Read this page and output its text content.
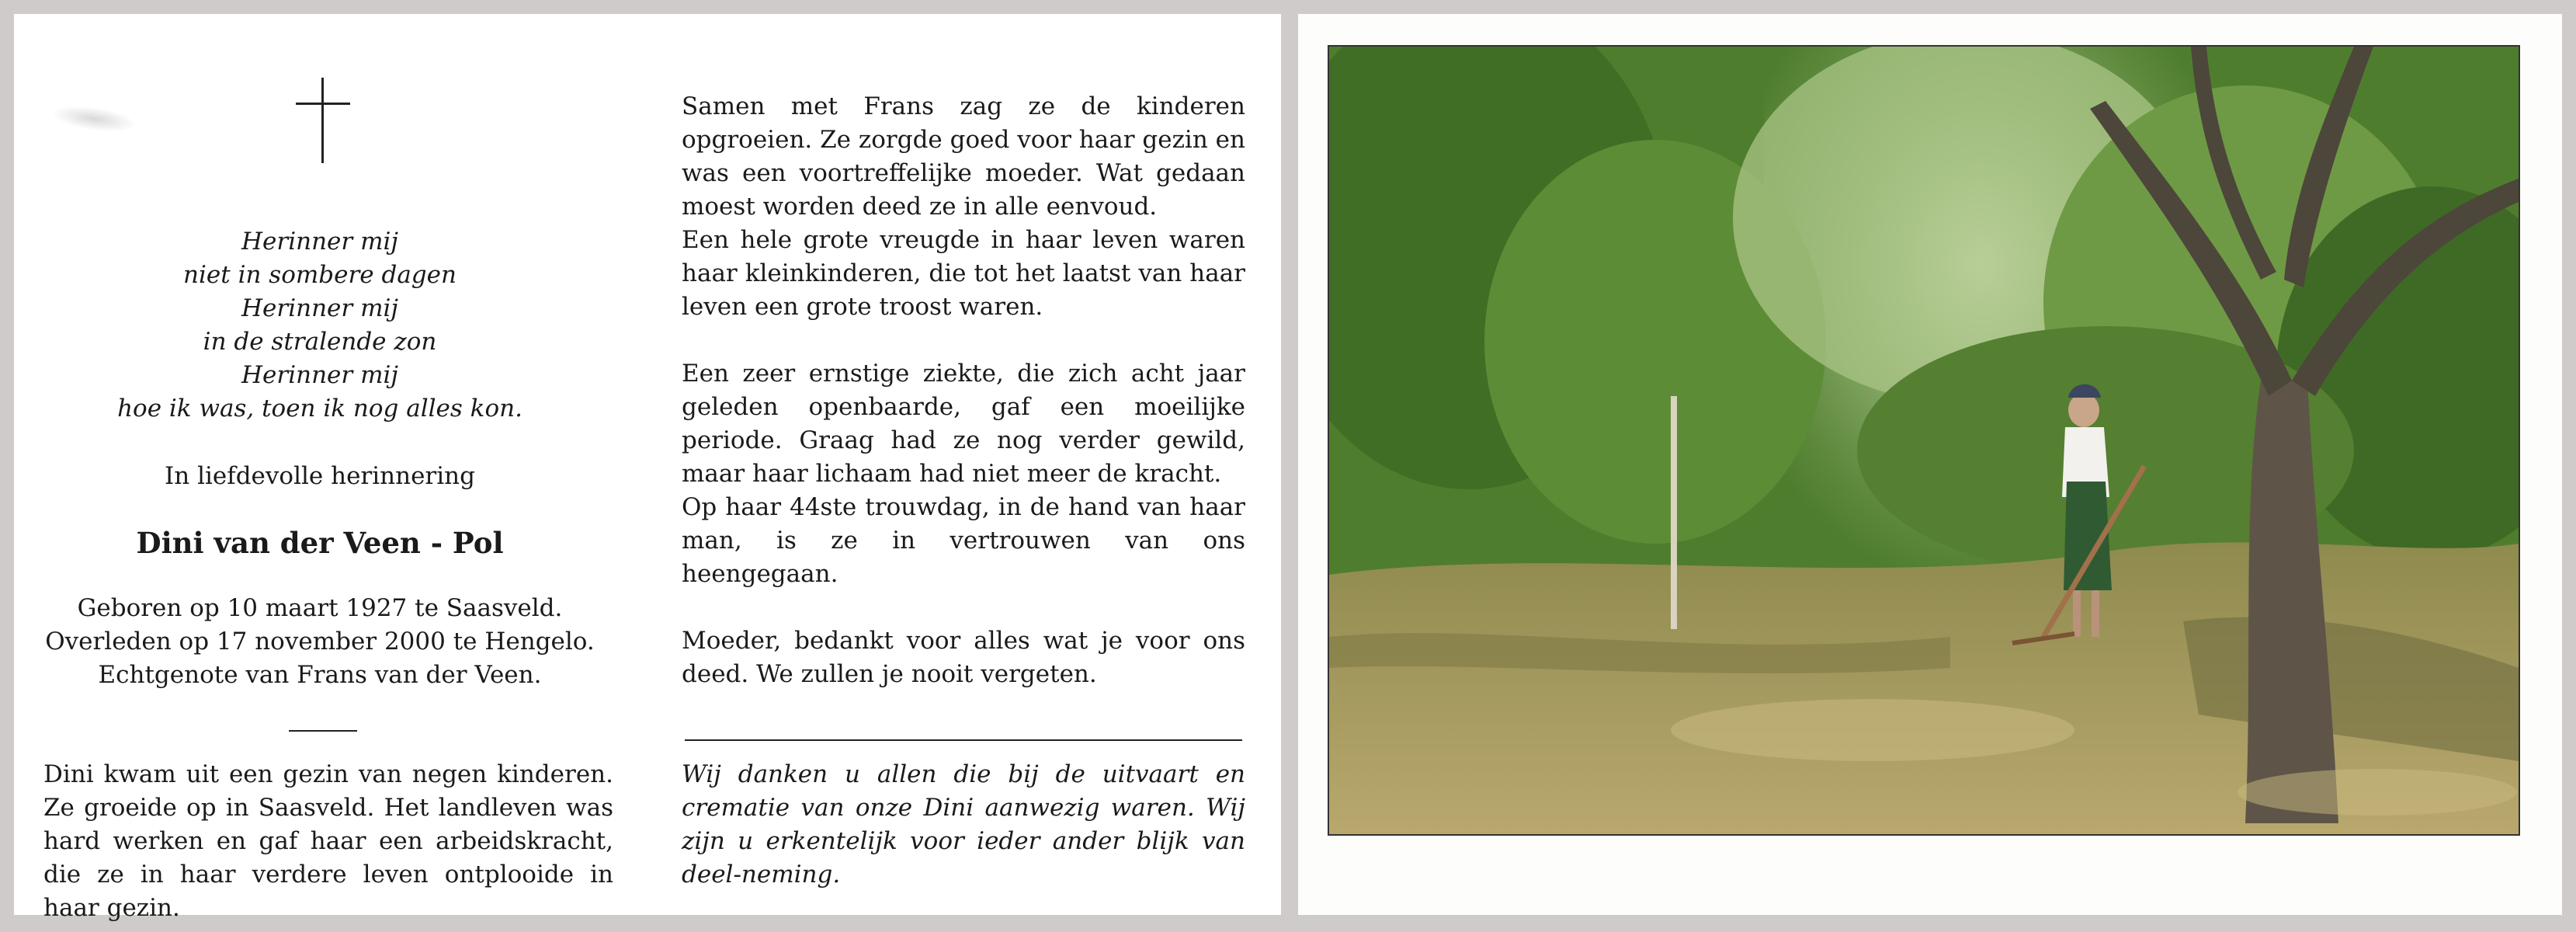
Herinner mij
niet in sombere dagen
Herinner mij
in de stralende zon
Herinner mij
hoe ik was, toen ik nog alles kon.
In liefdevolle herinnering
Dini van der Veen - Pol
Geboren op 10 maart 1927 te Saasveld.
Overleden op 17 november 2000 te Hengelo.
Echtgenote van Frans van der Veen.

Dini kwam uit een gezin van negen kinderen. Ze groeide op in Saasveld. Het landleven was hard werken en gaf haar een arbeidskracht, die ze in haar verdere leven ontplooide in haar gezin.

Samen met Frans zag ze de kinderen opgroeien. Ze zorgde goed voor haar gezin en was een voortreffelijke moeder. Wat gedaan moest worden deed ze in alle eenvoud.

Een hele grote vreugde in haar leven waren haar kleinkinderen, die tot het laatst van haar leven een grote troost waren.

Een zeer ernstige ziekte, die zich acht jaar geleden openbaarde, gaf een moeilijke periode. Graag had ze nog verder gewild, maar haar lichaam had niet meer de kracht.

Op haar 44ste trouwdag, in de hand van haar man, is ze in vertrouwen van ons heengegaan.

Moeder, bedankt voor alles wat je voor ons deed. We zullen je nooit vergeten.

Wij danken u allen die bij de uitvaart en crematie van onze Dini aanwezig waren. Wij zijn u erkentelijk voor ieder ander blijk van deel-neming.
